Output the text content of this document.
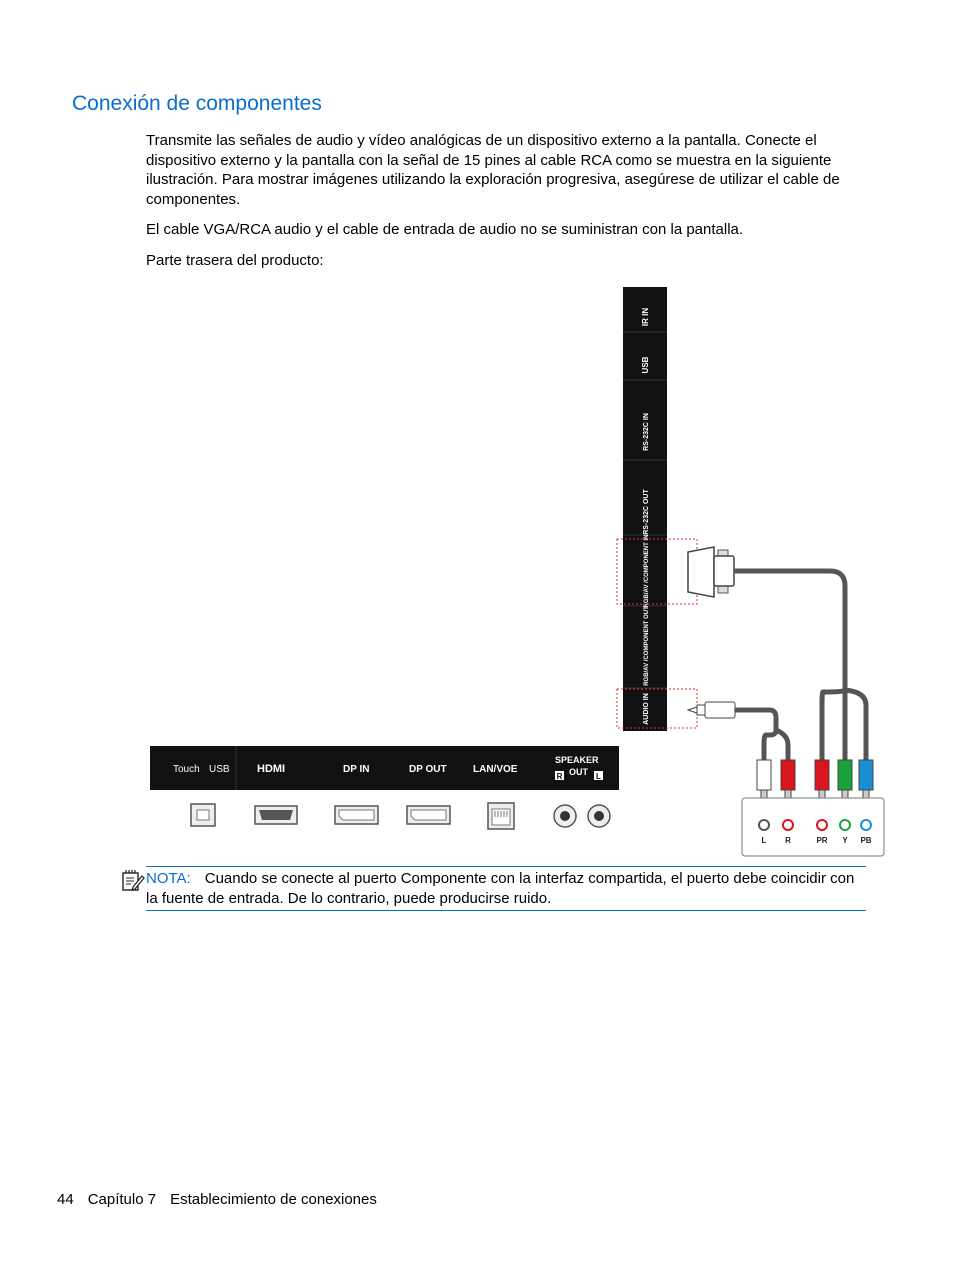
Conexión de componentes

Transmite las señales de audio y vídeo analógicas de un dispositivo externo a la pantalla. Conecte el dispositivo externo y la pantalla con la señal de 15 pines al cable RCA como se muestra en la siguiente ilustración. Para mostrar imágenes utilizando la exploración progresiva, asegúrese de utilizar el cable de componentes.

El cable VGA/RCA audio y el cable de entrada de audio no se suministran con la pantalla.

Parte trasera del producto:

IR IN
USB
RS-232C IN
RS-232C OUT
RGB/AV /COMPONENT IN
RGB/AV /COMPONENT OUT
AUDIO IN
L R	PR Y PB
Touch USB HDMI	DP IN	DP OUT	LAN/VOE
SPEAKER
OUT
R	L
NOTA: Cuando se conecte al puerto Componente con la interfaz compartida, el puerto debe coincidir con la fuente de entrada. De lo contrario, puede producirse ruido.
44 Capítulo 7 Establecimiento de conexiones
